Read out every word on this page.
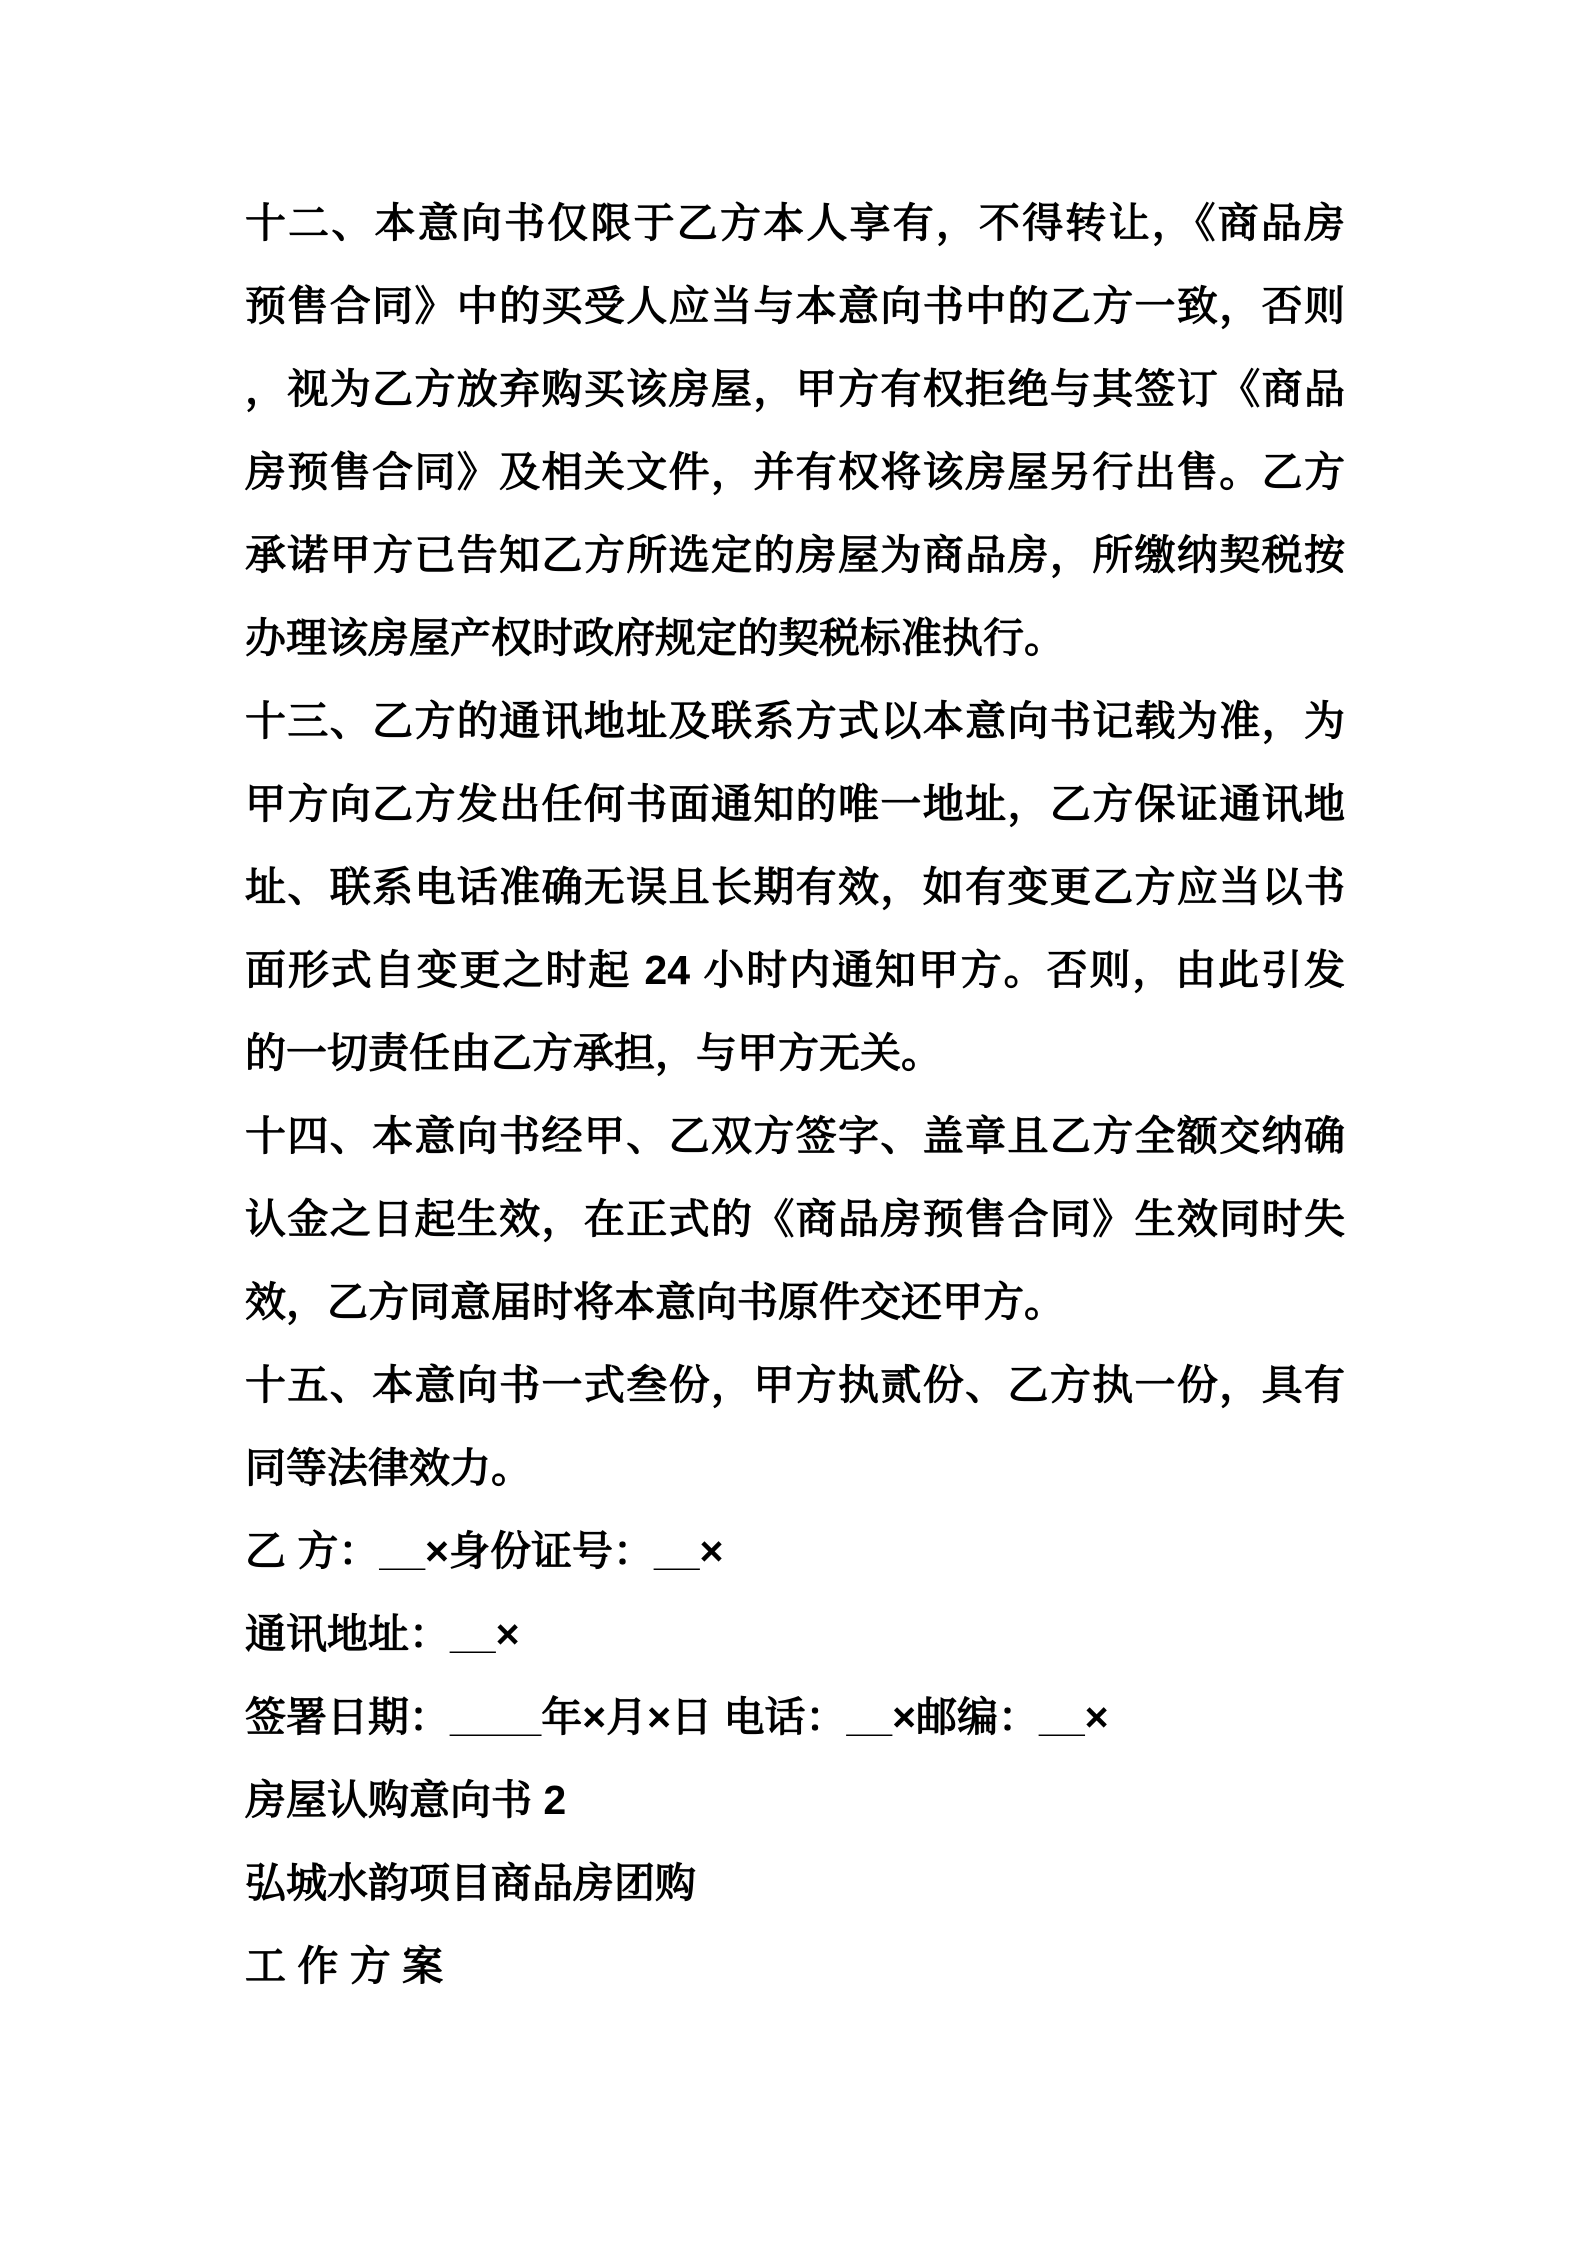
十二、本意向书仅限于乙方本人享有，不得转让，《商品房
预售合同》中的买受人应当与本意向书中的乙方一致，否则
，视为乙方放弃购买该房屋，甲方有权拒绝与其签订《商品
房预售合同》及相关文件，并有权将该房屋另行出售。乙方
承诺甲方已告知乙方所选定的房屋为商品房，所缴纳契税按
办理该房屋产权时政府规定的契税标准执行。
十三、乙方的通讯地址及联系方式以本意向书记载为准，为
甲方向乙方发出任何书面通知的唯一地址，乙方保证通讯地
址、联系电话准确无误且长期有效，如有变更乙方应当以书
面形式自变更之时起 24 小时内通知甲方。否则，由此引发
的一切责任由乙方承担，与甲方无关。
十四、本意向书经甲、乙双方签字、盖章且乙方全额交纳确
认金之日起生效，在正式的《商品房预售合同》生效同时失
效，乙方同意届时将本意向书原件交还甲方。
十五、本意向书一式叁份，甲方执贰份、乙方执一份，具有
同等法律效力。
乙 方：__×身份证号：__×
通讯地址：__×
签署日期：____年×月×日 电话：__×邮编：__×
房屋认购意向书 2
弘城水韵项目商品房团购
工 作 方 案
